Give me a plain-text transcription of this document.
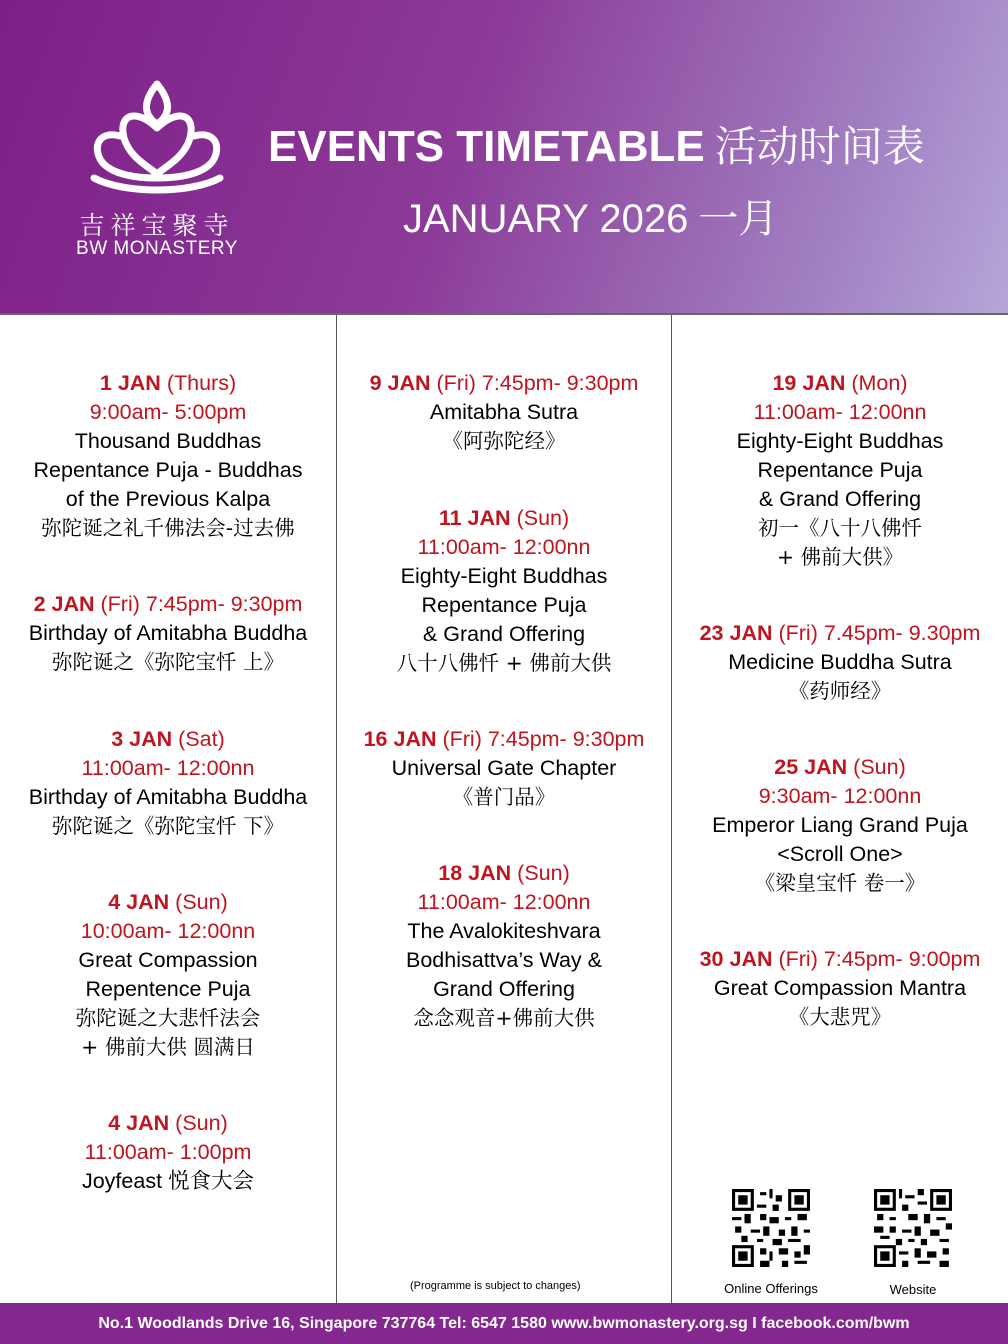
吉祥宝聚寺
BW MONASTERY
EVENTS TIMETABLE 活动时间表
JANUARY 2026 一月
1 JAN (Thurs)
9:00am- 5:00pm
Thousand Buddhas
Repentance Puja - Buddhas
of the Previous Kalpa
弥陀诞之礼千佛法会-过去佛
2 JAN (Fri) 7:45pm- 9:30pm
Birthday of Amitabha Buddha
弥陀诞之《弥陀宝忏 上》
3 JAN (Sat)
11:00am- 12:00nn
Birthday of Amitabha Buddha
弥陀诞之《弥陀宝忏 下》
4 JAN (Sun)
10:00am- 12:00nn
Great Compassion
Repentence Puja
弥陀诞之大悲忏法会
+ 佛前大供 圆满日
4 JAN (Sun)
11:00am- 1:00pm
Joyfeast 悦食大会
9 JAN (Fri) 7:45pm- 9:30pm
Amitabha Sutra
《阿弥陀经》
11 JAN (Sun)
11:00am- 12:00nn
Eighty-Eight Buddhas
Repentance Puja
& Grand Offering
八十八佛忏 + 佛前大供
16 JAN (Fri) 7:45pm- 9:30pm
Universal Gate Chapter
《普门品》
18 JAN (Sun)
11:00am- 12:00nn
The Avalokiteshvara
Bodhisattva’s Way &
Grand Offering
念念观音+佛前大供
19 JAN (Mon)
11:00am- 12:00nn
Eighty-Eight Buddhas
Repentance Puja
& Grand Offering
初一《八十八佛忏
+ 佛前大供》
23 JAN (Fri) 7.45pm- 9.30pm
Medicine Buddha Sutra
《药师经》
25 JAN (Sun)
9:30am- 12:00nn
Emperor Liang Grand Puja
<Scroll One>
《梁皇宝忏 卷一》
30 JAN (Fri) 7:45pm- 9:00pm
Great Compassion Mantra
《大悲咒》
Online Offerings	Website
(Programme is subject to changes)
No.1 Woodlands Drive 16, Singapore 737764 Tel: 6547 1580 www.bwmonastery.org.sg I facebook.com/bwm
